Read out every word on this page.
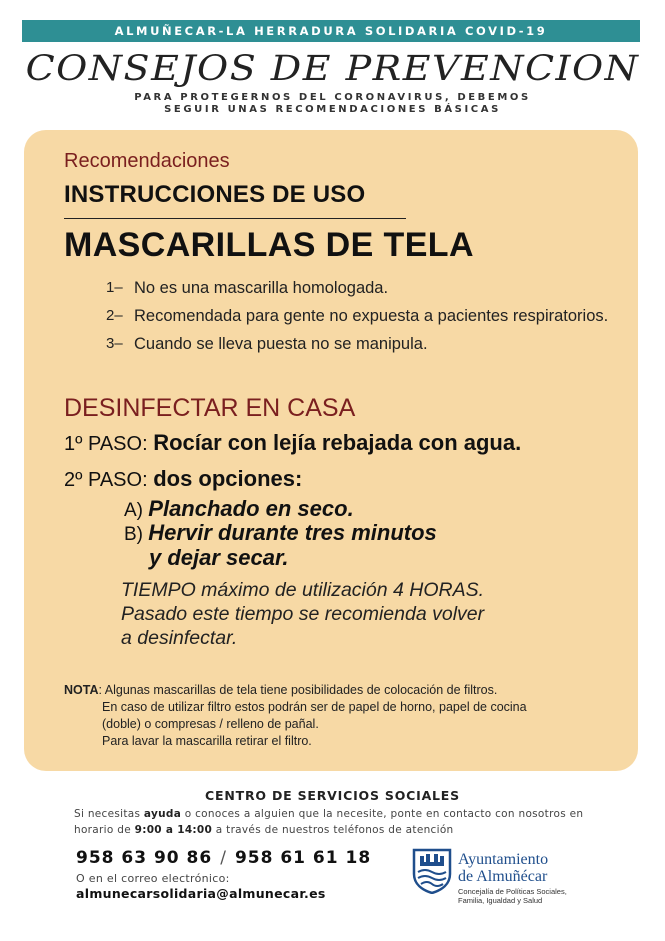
ALMUÑECAR-LA HERRADURA SOLIDARIA COVID-19
CONSEJOS DE PREVENCION
PARA PROTEGERNOS DEL CORONAVIRUS, DEBEMOS
SEGUIR UNAS RECOMENDACIONES BÁSICAS
Recomendaciones
INSTRUCCIONES DE USO
MASCARILLAS DE TELA
1– No es una mascarilla homologada.
2– Recomendada para gente no expuesta a pacientes respiratorios.
3– Cuando se lleva puesta no se manipula.
DESINFECTAR EN CASA
1º PASO: Rocíar con lejía rebajada con agua.
2º PASO: dos opciones:
A) Planchado en seco.
B) Hervir durante tres minutos
y dejar secar.
TIEMPO máximo de utilización 4 HORAS.
Pasado este tiempo se recomienda volver
a desinfectar.
NOTA: Algunas mascarillas de tela tiene posibilidades de colocación de filtros.
En caso de utilizar filtro estos podrán ser de papel de horno, papel de cocina
(doble) o compresas / relleno de pañal.
Para lavar la mascarilla retirar el filtro.
CENTRO DE SERVICIOS SOCIALES
Si necesitas ayuda o conoces a alguien que la necesite, ponte en contacto con nosotros en horario de 9:00 a 14:00 a través de nuestros teléfonos de atención
958 63 90 86 / 958 61 61 18
O en el correo electrónico:
almunecarsolidaria@almunecar.es
Ayuntamiento
de Almuñécar
Concejalía de Políticas Sociales,
Familia, Igualdad y Salud
